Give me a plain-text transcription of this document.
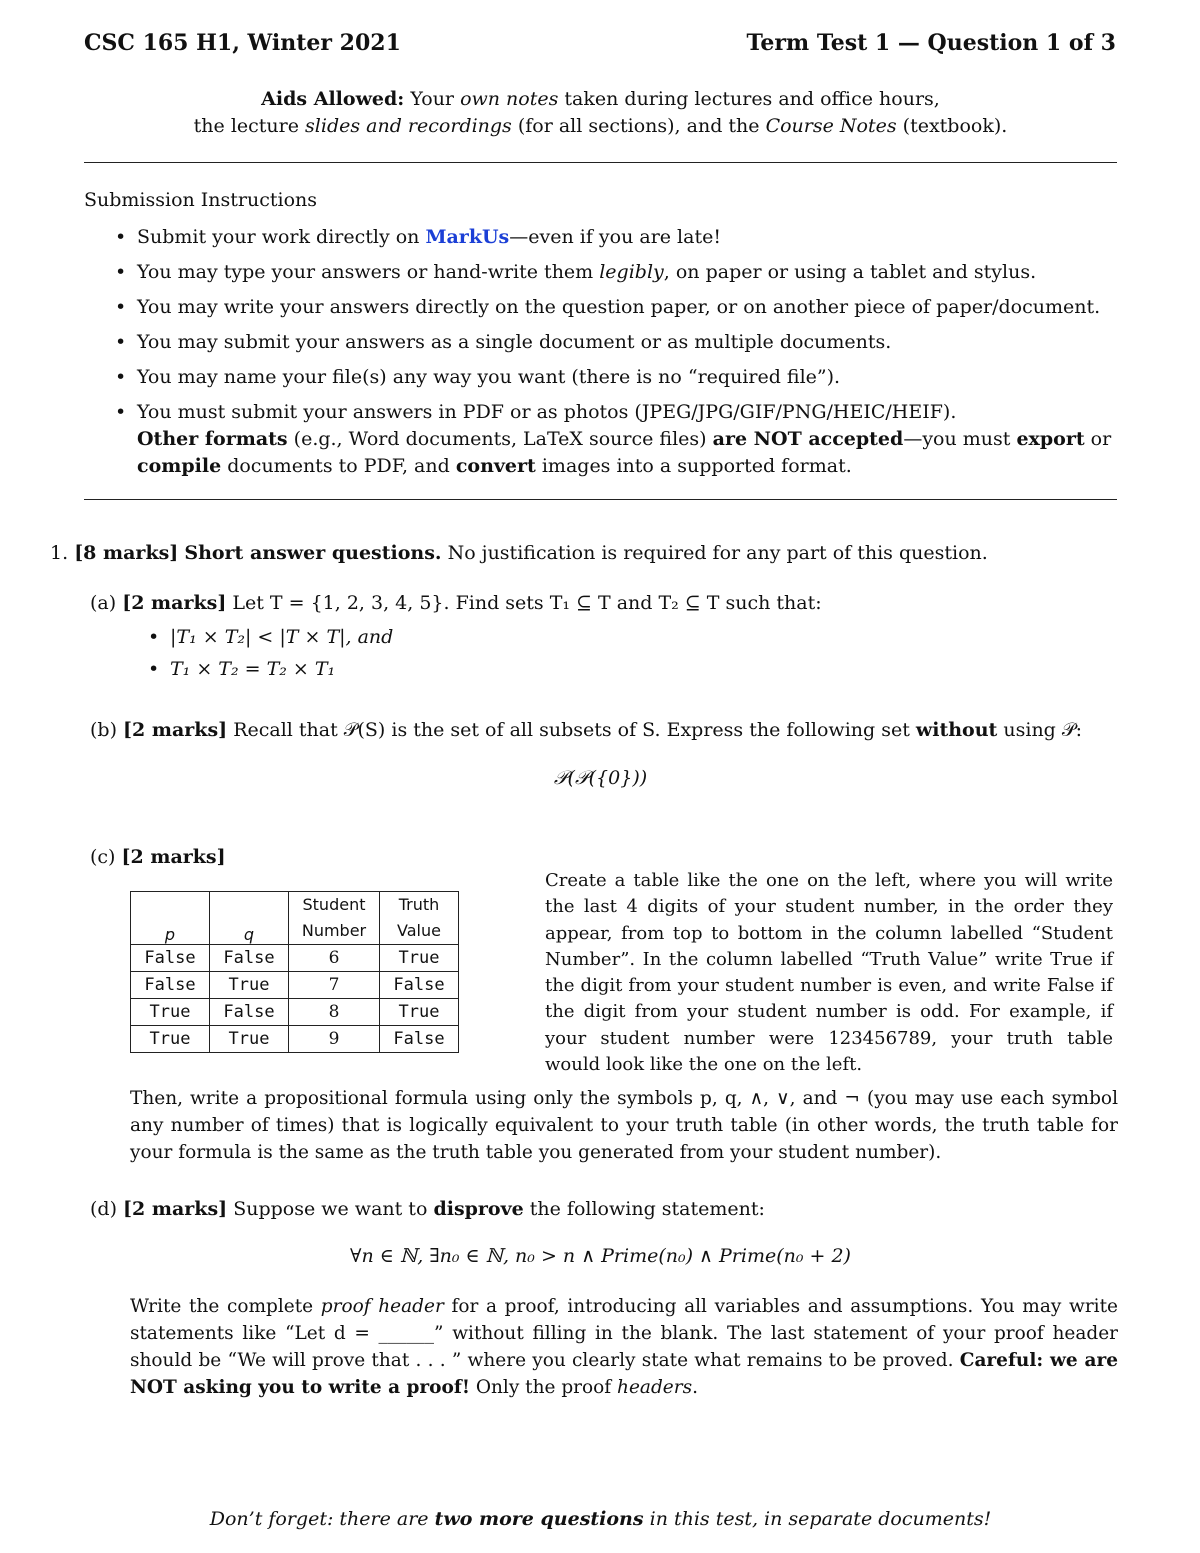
CSC 165 H1, Winter 2021	Term Test 1 — Question 1 of 3
Aids Allowed: Your own notes taken during lectures and office hours,
the lecture slides and recordings (for all sections), and the Course Notes (textbook).
Submission Instructions
• Submit your work directly on MarkUs—even if you are late!
• You may type your answers or hand-write them legibly, on paper or using a tablet and stylus.
• You may write your answers directly on the question paper, or on another piece of paper/document.
• You may submit your answers as a single document or as multiple documents.
• You may name your file(s) any way you want (there is no “required file”).
• You must submit your answers in PDF or as photos (JPEG/JPG/GIF/PNG/HEIC/HEIF).
Other formats (e.g., Word documents, LaTeX source files) are NOT accepted—you must export or compile documents to PDF, and convert images into a supported format.
1. [8 marks] Short answer questions. No justification is required for any part of this question.
(a) [2 marks] Let T = {1, 2, 3, 4, 5}. Find sets T₁ ⊆ T and T₂ ⊆ T such that:
|T₁ × T₂| < |T × T|, and
T₁ × T₂ = T₂ × T₁
(b) [2 marks] Recall that 𝒫(S) is the set of all subsets of S. Express the following set without using 𝒫:
𝒫(𝒫({0}))
(c) [2 marks]
p	q	Student Number	Truth Value
False	False	6	True
False	True	7	False
True	False	8	True
True	True	9	False
Create a table like the one on the left, where you will write the last 4 digits of your student number, in the order they appear, from top to bottom in the column labelled “Student Number”. In the column labelled “Truth Value” write True if the digit from your student number is even, and write False if the digit from your student number is odd. For example, if your student number were 123456789, your truth table would look like the one on the left.
Then, write a propositional formula using only the symbols p, q, ∧, ∨, and ¬ (you may use each symbol any number of times) that is logically equivalent to your truth table (in other words, the truth table for your formula is the same as the truth table you generated from your student number).
(d) [2 marks] Suppose we want to disprove the following statement:
∀n ∈ ℕ, ∃n₀ ∈ ℕ, n₀ > n ∧ Prime(n₀) ∧ Prime(n₀ + 2)
Write the complete proof header for a proof, introducing all variables and assumptions. You may write statements like “Let d = ______” without filling in the blank. The last statement of your proof header should be “We will prove that . . . ” where you clearly state what remains to be proved. Careful: we are NOT asking you to write a proof! Only the proof headers.
Don’t forget: there are two more questions in this test, in separate documents!
